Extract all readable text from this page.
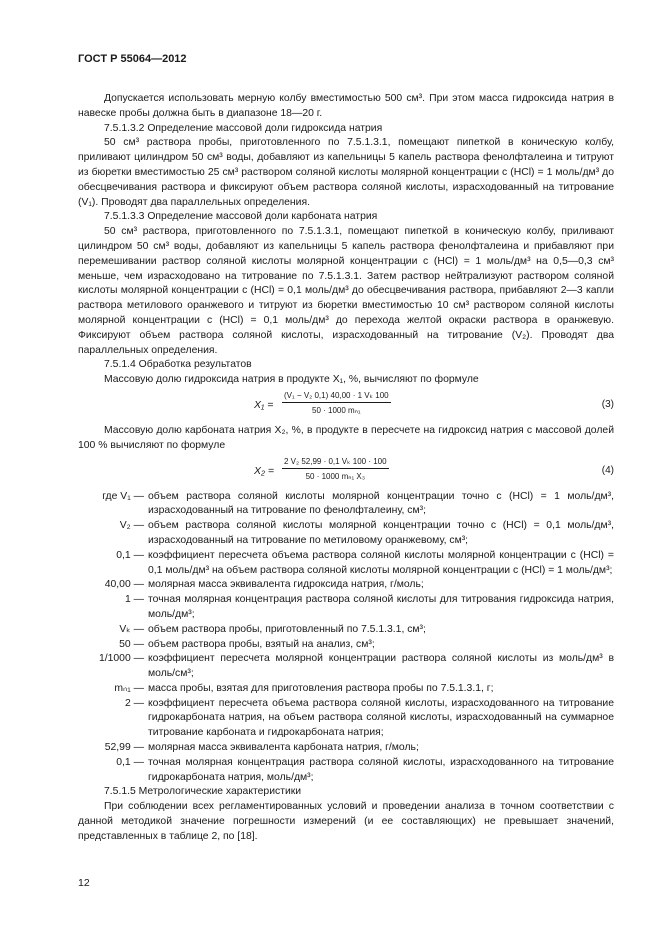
ГОСТ Р 55064—2012

Допускается использовать мерную колбу вместимостью 500 см³. При этом масса гидроксида натрия в навеске пробы должна быть в диапазоне 18—20 г.

7.5.1.3.2 Определение массовой доли гидроксида натрия

50 см³ раствора пробы, приготовленного по 7.5.1.3.1, помещают пипеткой в коническую колбу, приливают цилиндром 50 см³ воды, добавляют из капельницы 5 капель раствора фенолфталеина и титруют из бюретки вместимостью 25 см³ раствором соляной кислоты молярной концентрации c (HCl) = 1 моль/дм³ до обесцвечивания раствора и фиксируют объем раствора соляной кислоты, израсходованный на титрование (V₁). Проводят два параллельных определения.

7.5.1.3.3 Определение массовой доли карбоната натрия

50 см³ раствора, приготовленного по 7.5.1.3.1, помещают пипеткой в коническую колбу, приливают цилиндром 50 см³ воды, добавляют из капельницы 5 капель раствора фенолфталеина и прибавляют при перемешивании раствор соляной кислоты молярной концентрации c (HCl) = 1 моль/дм³ на 0,5—0,3 см³ меньше, чем израсходовано на титрование по 7.5.1.3.1. Затем раствор нейтрализуют раствором соляной кислоты молярной концентрации c (HCl) = 0,1 моль/дм³ до обесцвечивания раствора, прибавляют 2—3 капли раствора метилового оранжевого и титруют из бюретки вместимостью 10 см³ раствором соляной кислоты молярной концентрации c (HCl) = 0,1 моль/дм³ до перехода желтой окраски раствора в оранжевую. Фиксируют объем раствора соляной кислоты, израсходованный на титрование (V₂). Проводят два параллельных определения.

7.5.1.4 Обработка результатов

Массовую долю гидроксида натрия в продукте X₁, %, вычисляют по формуле

$X_1 = \frac{\text{(V₁ − V₂ 0,1) 40,00 · 1 Vₖ 100}}{\text{50 · 1000 mₙ₁}}$	(3)

Массовую долю карбоната натрия X₂, %, в продукте в пересчете на гидроксид натрия с массовой долей 100 % вычисляют по формуле

$X_2 = \frac{\text{2 V₂ 52,99 · 0,1 Vₖ 100 · 100}}{\text{50 · 1000 mₙ₁ X₃}}$	(4)
где V₁ — объем раствора соляной кислоты молярной концентрации точно c (HCl) = 1 моль/дм³, израсходованный на титрование по фенолфталеину, см³;
V₂ — объем раствора соляной кислоты молярной концентрации точно c (HCl) = 0,1 моль/дм³, израсходованный на титрование по метиловому оранжевому, см³;
0,1 — коэффициент пересчета объема раствора соляной кислоты молярной концентрации c (HCl) = 0,1 моль/дм³ на объем раствора соляной кислоты молярной концентрации c (HCl) = 1 моль/дм³;
40,00 — молярная масса эквивалента гидроксида натрия, г/моль;
1 — точная молярная концентрация раствора соляной кислоты для титрования гидроксида натрия, моль/дм³;
Vₖ — объем раствора пробы, приготовленный по 7.5.1.3.1, см³;
50 — объем раствора пробы, взятый на анализ, см³;
1/1000 — коэффициент пересчета молярной концентрации раствора соляной кислоты из моль/дм³ в моль/см³;
mₙ₁ — масса пробы, взятая для приготовления раствора пробы по 7.5.1.3.1, г;
2 — коэффициент пересчета объема раствора соляной кислоты, израсходованного на титрование гидрокарбоната натрия, на объем раствора соляной кислоты, израсходованный на суммарное титрование карбоната и гидрокарбоната натрия;
52,99 — молярная масса эквивалента карбоната натрия, г/моль;
0,1 — точная молярная концентрация раствора соляной кислоты, израсходованного на титрование гидрокарбоната натрия, моль/дм³;

7.5.1.5 Метрологические характеристики

При соблюдении всех регламентированных условий и проведении анализа в точном соответствии с данной методикой значение погрешности измерений (и ее составляющих) не превышает значений, представленных в таблице 2, по [18].

12
